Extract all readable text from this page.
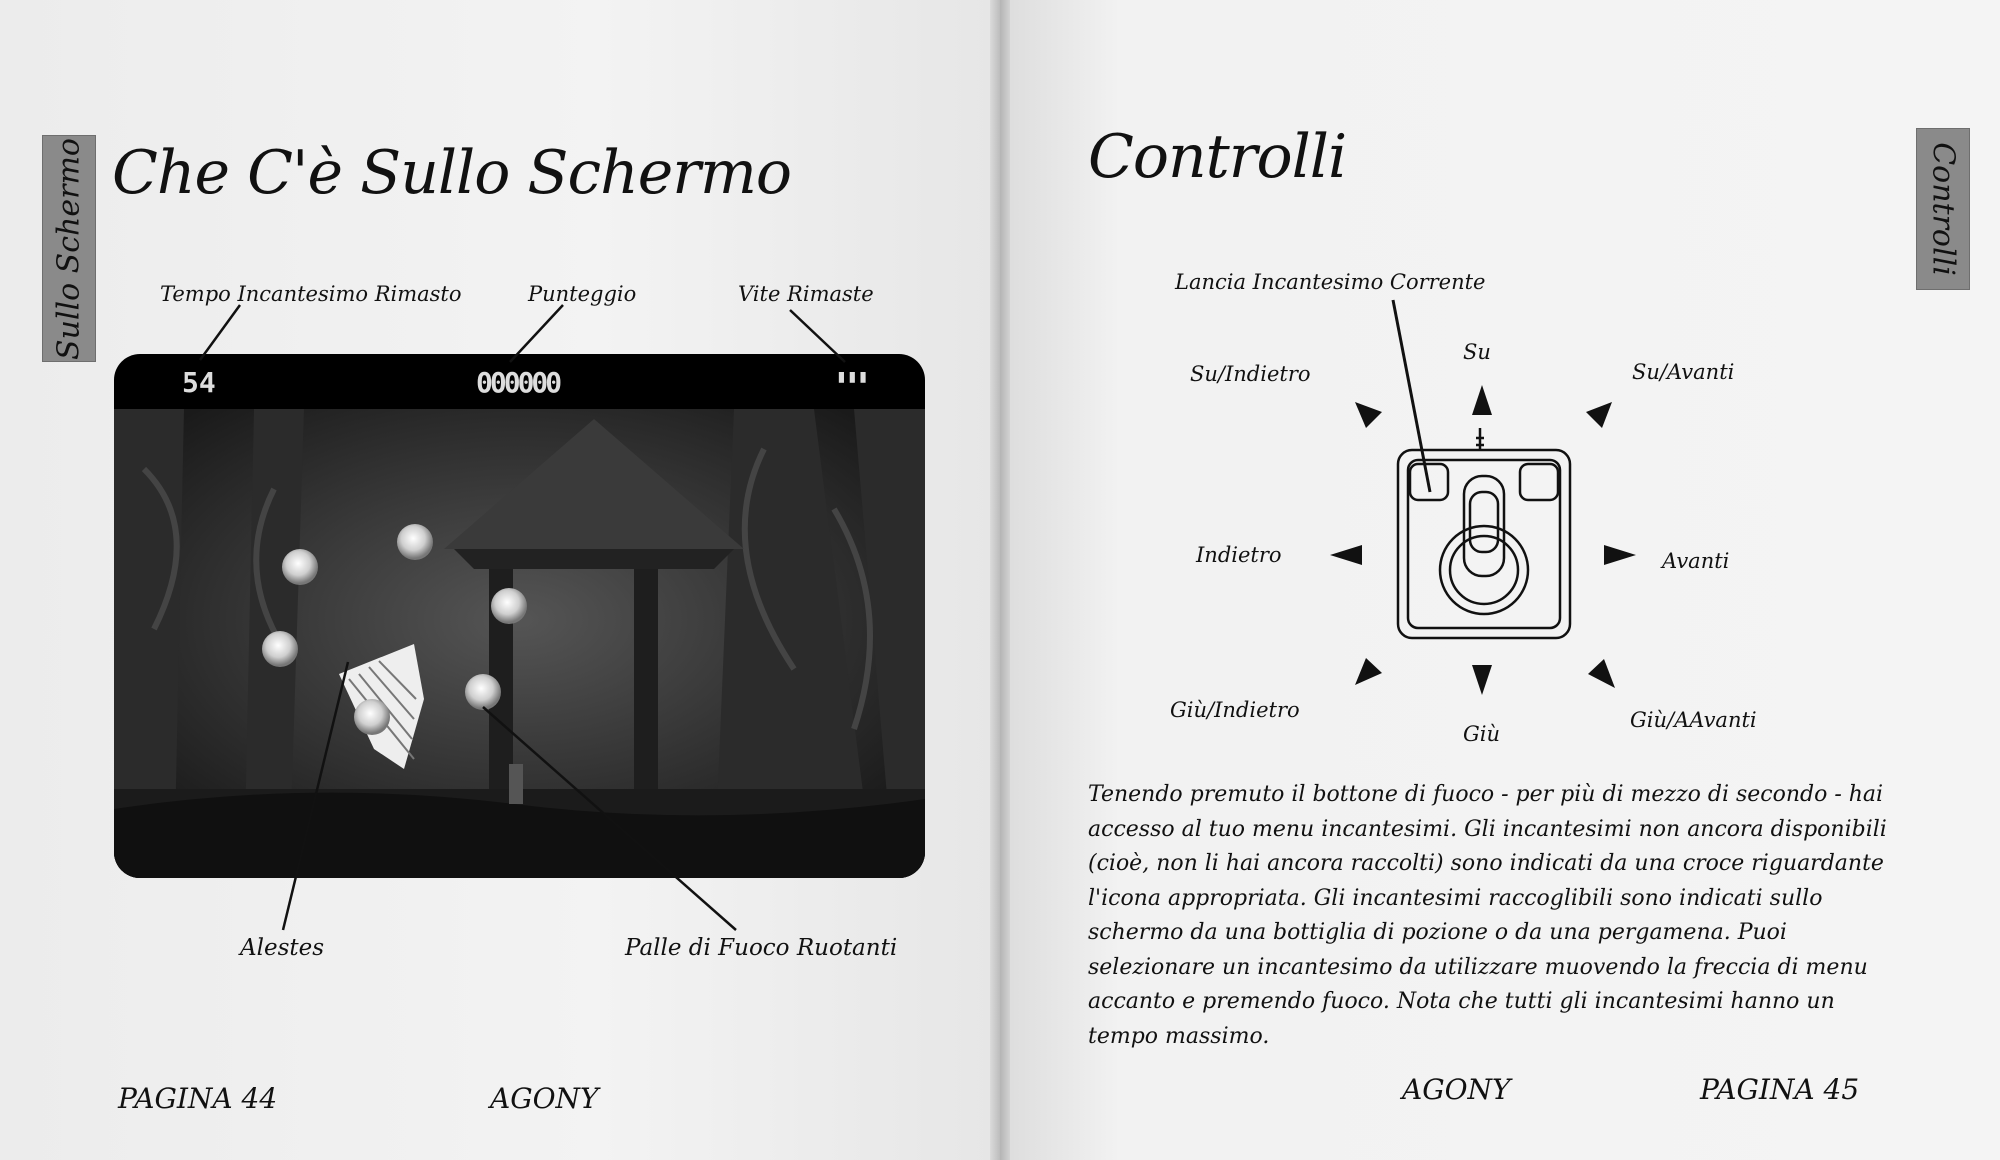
Sullo Schermo Che C'è Sullo Schermo
Tempo Incantesimo Rimasto	Punteggio	Vite Rimaste
54	000000	▮▮▮
Alestes	Palle di Fuoco Ruotanti
PAGINA 44	AGONY
Controlli
Controlli
Lancia Incantesimo Corrente
Su
Su/Indietro	Su/Avanti
Indietro	Avanti
Giù/Indietro
Giù
Giù/AAvanti
Tenendo premuto il bottone di fuoco - per più di mezzo di secondo - hai accesso al tuo menu incantesimi. Gli incantesimi non ancora disponibili (cioè, non li hai ancora raccolti) sono indicati da una croce riguardante l'icona appropriata. Gli incantesimi raccoglibili sono indicati sullo schermo da una bottiglia di pozione o da una pergamena. Puoi selezionare un incantesimo da utilizzare muovendo la freccia di menu accanto e premendo fuoco. Nota che tutti gli incantesimi hanno un tempo massimo.
AGONY	PAGINA 45
